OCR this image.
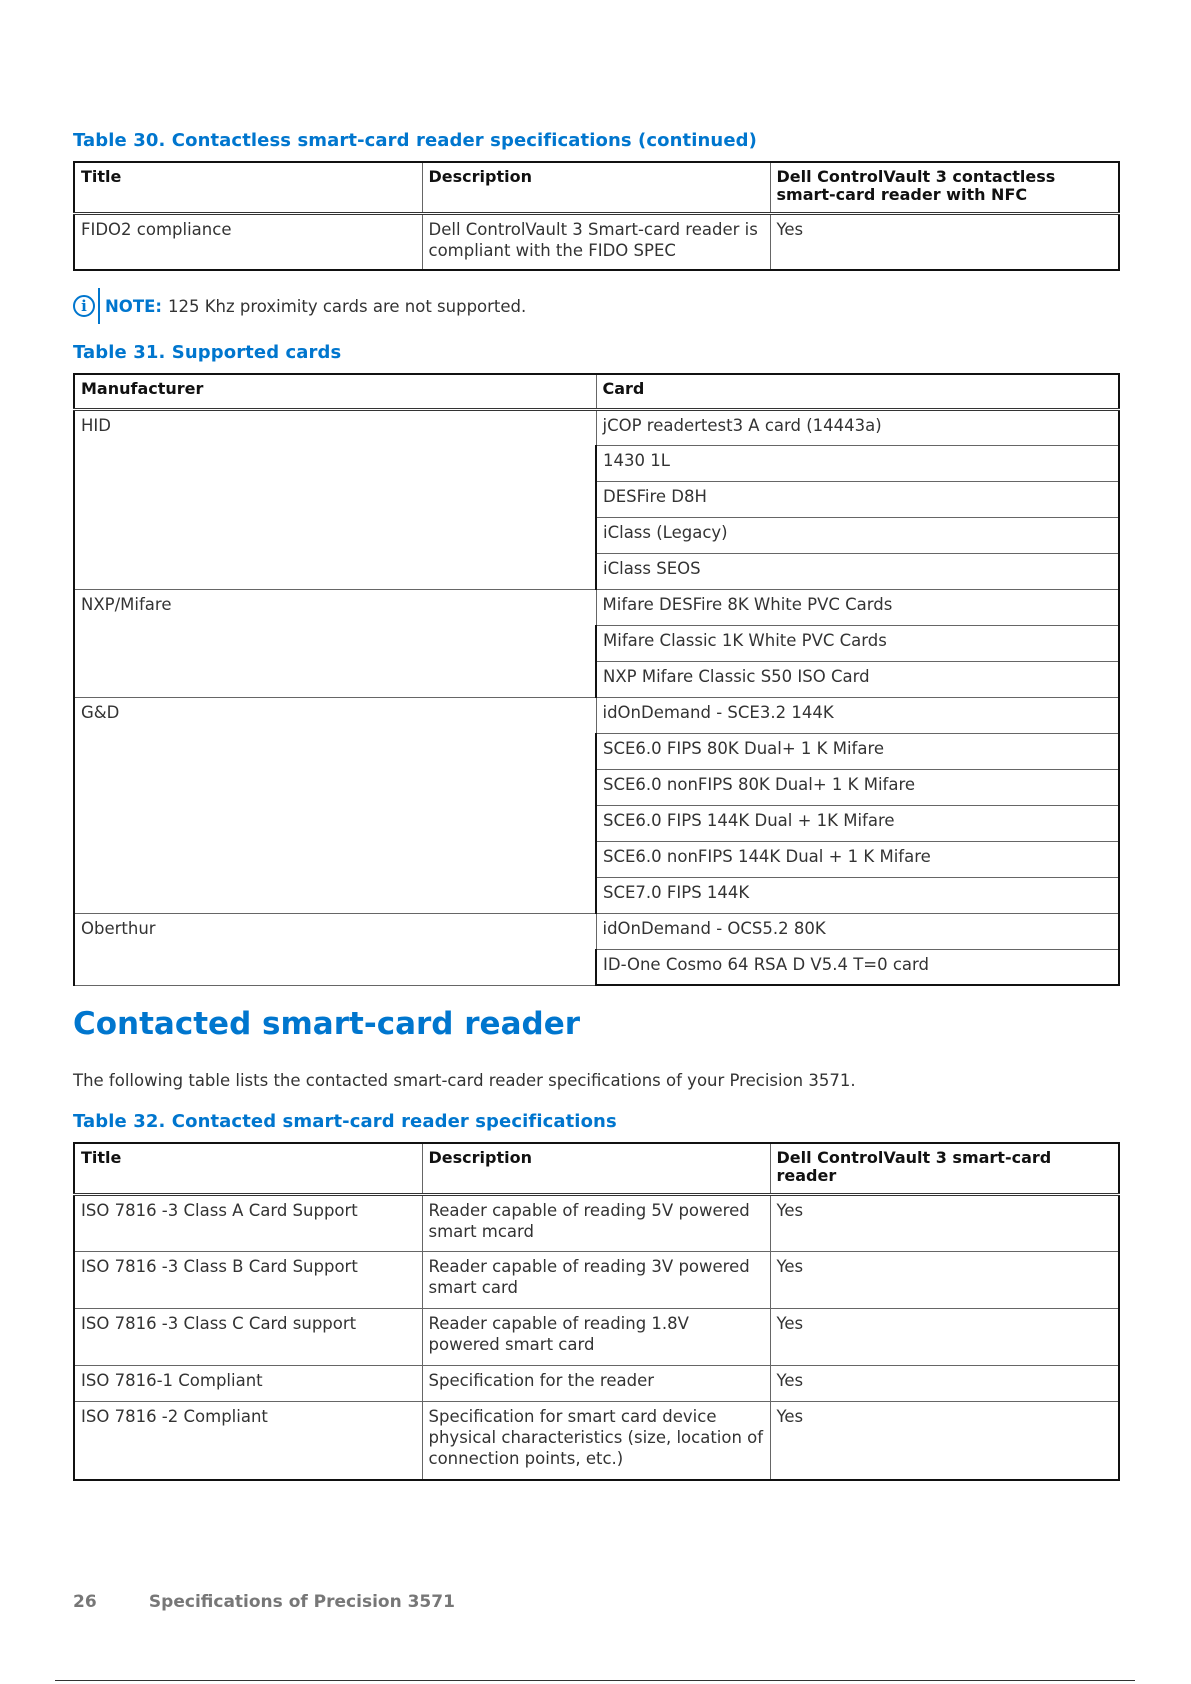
Table 30. Contactless smart-card reader specifications (continued)
Title	Description	Dell ControlVault 3 contactless smart-card reader with NFC
FIDO2 compliance	Dell ControlVault 3 Smart-card reader is compliant with the FIDO SPEC	Yes
i	NOTE: 125 Khz proximity cards are not supported.
Table 31. Supported cards
Manufacturer	Card
HID	jCOP readertest3 A card (14443a)
	1430 1L
	DESFire D8H
	iClass (Legacy)
	iClass SEOS
NXP/Mifare	Mifare DESFire 8K White PVC Cards
	Mifare Classic 1K White PVC Cards
	NXP Mifare Classic S50 ISO Card
G&D	idOnDemand - SCE3.2 144K
	SCE6.0 FIPS 80K Dual+ 1 K Mifare
	SCE6.0 nonFIPS 80K Dual+ 1 K Mifare
	SCE6.0 FIPS 144K Dual + 1K Mifare
	SCE6.0 nonFIPS 144K Dual + 1 K Mifare
	SCE7.0 FIPS 144K
Oberthur	idOnDemand - OCS5.2 80K
	ID-One Cosmo 64 RSA D V5.4 T=0 card
Contacted smart-card reader
The following table lists the contacted smart-card reader specifications of your Precision 3571.
Table 32. Contacted smart-card reader specifications
Title	Description	Dell ControlVault 3 smart-card reader
ISO 7816 -3 Class A Card Support	Reader capable of reading 5V powered smart mcard	Yes
ISO 7816 -3 Class B Card Support	Reader capable of reading 3V powered smart card	Yes
ISO 7816 -3 Class C Card support	Reader capable of reading 1.8V powered smart card	Yes
ISO 7816-1 Compliant	Specification for the reader	Yes
ISO 7816 -2 Compliant	Specification for smart card device physical characteristics (size, location of connection points, etc.)	Yes
26	Specifications of Precision 3571
